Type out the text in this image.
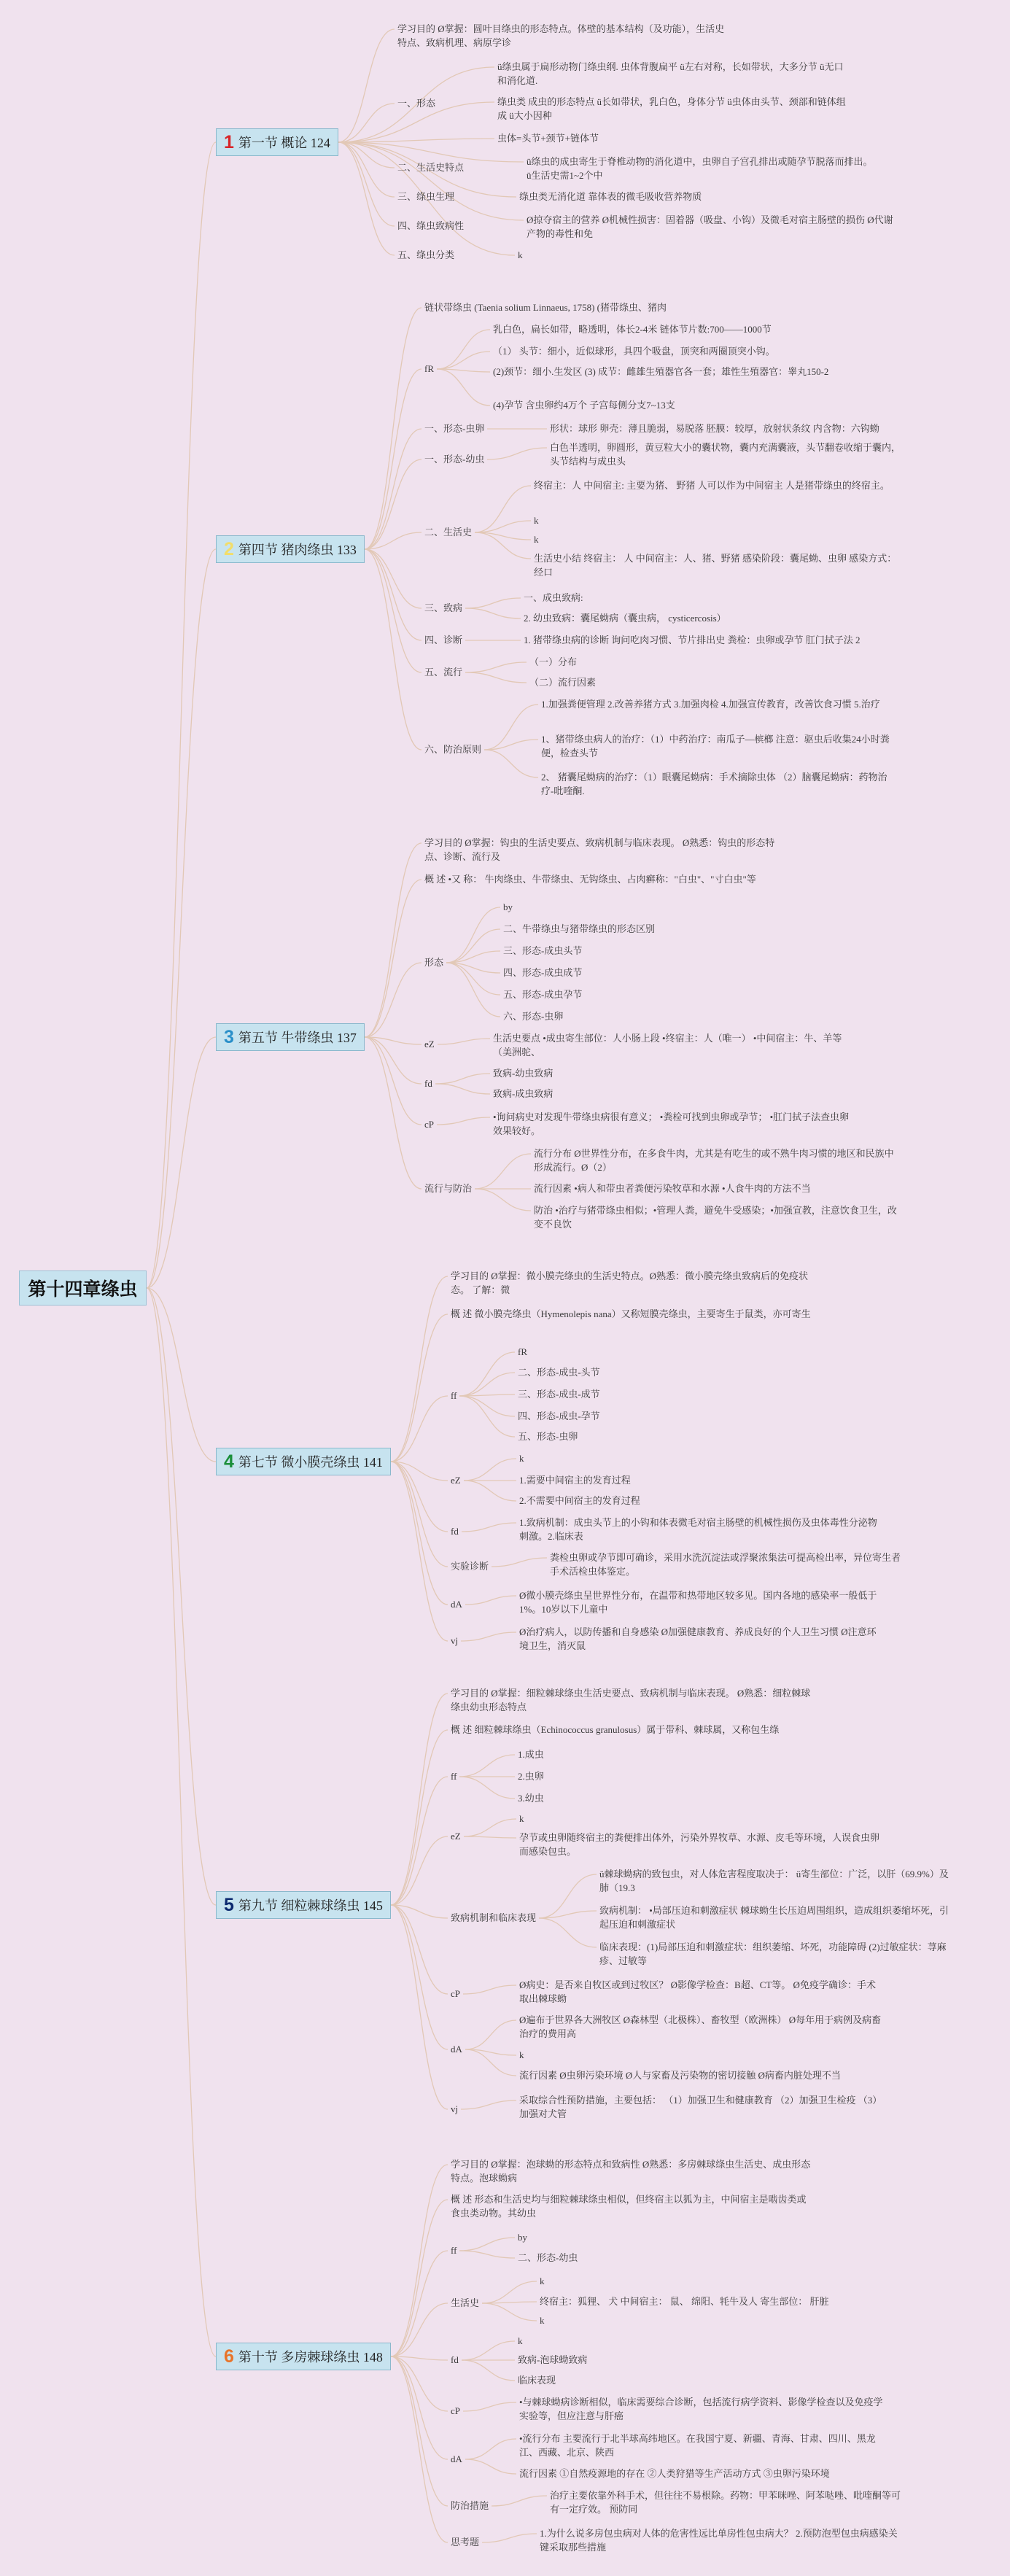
第十四章绦虫
1 第一节 概论 124
2 第四节 猪肉绦虫 133
3 第五节 牛带绦虫 137
4 第七节 微小膜壳绦虫 141
5 第九节 细粒棘球绦虫 145
6 第十节 多房棘球绦虫 148
学习目的 Ø掌握：圆叶目绦虫的形态特点。体壁的基本结构（及功能），生活史特点、致病机理、病原学诊
一、形态
ü绦虫属于扁形动物门绦虫纲. 虫体背腹扁平 ü左右对称，长如带状，大多分节 ü无口和消化道.
绦虫类 成虫的形态特点 ü长如带状，乳白色，身体分节 ü虫体由头节、颈部和链体组成 ü大小因种
虫体=头节+颈节+链体节
二、生活史特点
ü绦虫的成虫寄生于脊椎动物的消化道中，虫卵自子宫孔排出或随孕节脱落而排出。ü生活史需1~2个中
三、绦虫生理	绦虫类无消化道 靠体表的微毛吸收营养物质
四、绦虫致病性
Ø掠夺宿主的营养 Ø机械性损害：固着器（吸盘、小钩）及微毛对宿主肠壁的损伤 Ø代谢产物的毒性和免
五、绦虫分类	k
链状带绦虫 (Taenia solium Linnaeus, 1758) (猪带绦虫、猪肉
fR
乳白色，扁长如带，略透明，体长2-4米 链体节片数:700——1000节
（1） 头节：细小，近似球形，具四个吸盘，顶突和两圈顶突小钩。
(2)颈节：细小.生发区 (3) 成节：雌雄生殖器官各一套；雄性生殖器官：睾丸150-2
(4)孕节 含虫卵约4万个 子宫每侧分支7~13支
一、形态-虫卵	形状：球形 卵壳：薄且脆弱，易脱落 胚膜：较厚，放射状条纹 内含物：六钩蚴
一、形态-幼虫
白色半透明，卵圆形，黄豆粒大小的囊状物，囊内充满囊液，头节翻卷收缩于囊内，头节结构与成虫头
二、生活史
终宿主：人 中间宿主: 主要为猪、 野猪 人可以作为中间宿主 人是猪带绦虫的终宿主。
k
k
生活史小结 终宿主： 人 中间宿主：人、猪、野猪 感染阶段：囊尾蚴、虫卵 感染方式：经口
三、致病
一、成虫致病:
2. 幼虫致病：囊尾蚴病（囊虫病， cysticercosis）
四、诊断	1. 猪带绦虫病的诊断 询问吃肉习惯、节片排出史 粪检：虫卵或孕节 肛门拭子法 2
五、流行
（一）分布
（二）流行因素
六、防治原则
1.加强粪便管理 2.改善养猪方式 3.加强肉检 4.加强宣传教育，改善饮食习惯 5.治疗
1、猪带绦虫病人的治疗：（1）中药治疗：南瓜子—槟榔 注意：驱虫后收集24小时粪便，检查头节
2、 猪囊尾蚴病的治疗：（1）眼囊尾蚴病：手术摘除虫体 （2）脑囊尾蚴病：药物治疗-吡喹酮.
学习目的 Ø掌握：钩虫的生活史要点、致病机制与临床表现。 Ø熟悉：钩虫的形态特点、诊断、流行及
概 述 •又 称： 牛肉绦虫、牛带绦虫、无钩绦虫、占肉癣称："白虫"、"寸白虫"等
形态
by
二、牛带绦虫与猪带绦虫的形态区别
三、形态-成虫头节
四、形态-成虫成节
五、形态-成虫孕节
六、形态-虫卵
eZ
生活史要点 •成虫寄生部位：人小肠上段 •终宿主：人（唯一） •中间宿主：牛、羊等（美洲驼、
fd
致病-幼虫致病
致病-成虫致病
cP
•询问病史对发现牛带绦虫病很有意义； •粪检可找到虫卵或孕节； •肛门拭子法查虫卵效果较好。
流行与防治
流行分布 Ø世界性分布，在多食牛肉，尤其是有吃生的或不熟牛肉习惯的地区和民族中形成流行。Ø（2）
流行因素 •病人和带虫者粪便污染牧草和水源 •人食牛肉的方法不当
防治 •治疗与猪带绦虫相似；•管理人粪，避免牛受感染；•加强宣教，注意饮食卫生，改变不良饮
学习目的 Ø掌握：微小膜壳绦虫的生活史特点。Ø熟悉：微小膜壳绦虫致病后的免疫状态。 了解：微
概 述 微小膜壳绦虫（Hymenolepis nana）又称短膜壳绦虫，主要寄生于鼠类，亦可寄生
ff
fR
二、形态-成虫-头节
三、形态-成虫-成节
四、形态-成虫-孕节
五、形态-虫卵
eZ
k
1.需要中间宿主的发育过程
2.不需要中间宿主的发育过程
fd
1.致病机制：成虫头节上的小钩和体表微毛对宿主肠壁的机械性损伤及虫体毒性分泌物刺激。2.临床表
实验诊断
粪检虫卵或孕节即可确诊，采用水洗沉淀法或浮聚浓集法可提高检出率，异位寄生者手术活检虫体鉴定。
dA
Ø微小膜壳绦虫呈世界性分布，在温带和热带地区较多见。国内各地的感染率一般低于1%。10岁以下儿童中
vj
Ø治疗病人，以防传播和自身感染 Ø加强健康教育、养成良好的个人卫生习惯 Ø注意环境卫生，消灭鼠
学习目的 Ø掌握：细粒棘球绦虫生活史要点、致病机制与临床表现。 Ø熟悉：细粒棘球绦虫幼虫形态特点
概 述 细粒棘球绦虫（Echinococcus granulosus）属于带科、棘球属，又称包生绦
ff
1.成虫
2.虫卵
3.幼虫
eZ
k
孕节或虫卵随终宿主的粪便排出体外，污染外界牧草、水源、皮毛等环境，人误食虫卵而感染包虫。
致病机制和临床表现
ü棘球蚴病的致包虫，对人体危害程度取决于： ü寄生部位：广泛，以肝（69.9%）及肺（19.3
致病机制： •局部压迫和刺激症状 棘球蚴生长压迫周围组织，造成组织萎缩坏死，引起压迫和刺激症状
临床表现：(1)局部压迫和刺激症状：组织萎缩、坏死，功能障碍 (2)过敏症状：荨麻疹、过敏等
cP
Ø病史：是否来自牧区或到过牧区？ Ø影像学检查：B超、CT等。 Ø免疫学确诊：手术取出棘球蚴
dA
Ø遍布于世界各大洲牧区 Ø森林型（北极株）、畜牧型（欧洲株） Ø每年用于病例及病畜治疗的费用高
k
流行因素 Ø虫卵污染环境 Ø人与家畜及污染物的密切接触 Ø病畜内脏处理不当
vj
采取综合性预防措施，主要包括： （1）加强卫生和健康教育 （2）加强卫生检疫 （3）加强对犬管
学习目的 Ø掌握：泡球蚴的形态特点和致病性 Ø熟悉：多房棘球绦虫生活史、成虫形态特点。泡球蚴病
概 述 形态和生活史均与细粒棘球绦虫相似，但终宿主以狐为主，中间宿主是啮齿类或食虫类动物。其幼虫
ff
by
二、形态-幼虫
生活史
k
终宿主：狐狸、 犬 中间宿主： 鼠、 绵阳、牦牛及人 寄生部位： 肝脏
k
fd
k
致病-泡球蚴致病
临床表现
cP
•与棘球蚴病诊断相似，临床需要综合诊断，包括流行病学资料、影像学检查以及免疫学实验等，但应注意与肝癌
dA
•流行分布 主要流行于北半球高纬地区。在我国宁夏、新疆、青海、甘肃、四川、黑龙江、西藏、北京、陕西
流行因素 ①自然疫源地的存在 ②人类狩猎等生产活动方式 ③虫卵污染环境
防治措施
治疗主要依靠外科手术，但往往不易根除。药物：甲苯咪唑、阿苯哒唑、吡喹酮等可有一定疗效。 预防同
思考题
1.为什么说多房包虫病对人体的危害性远比单房性包虫病大？ 2.预防泡型包虫病感染关键采取那些措施
